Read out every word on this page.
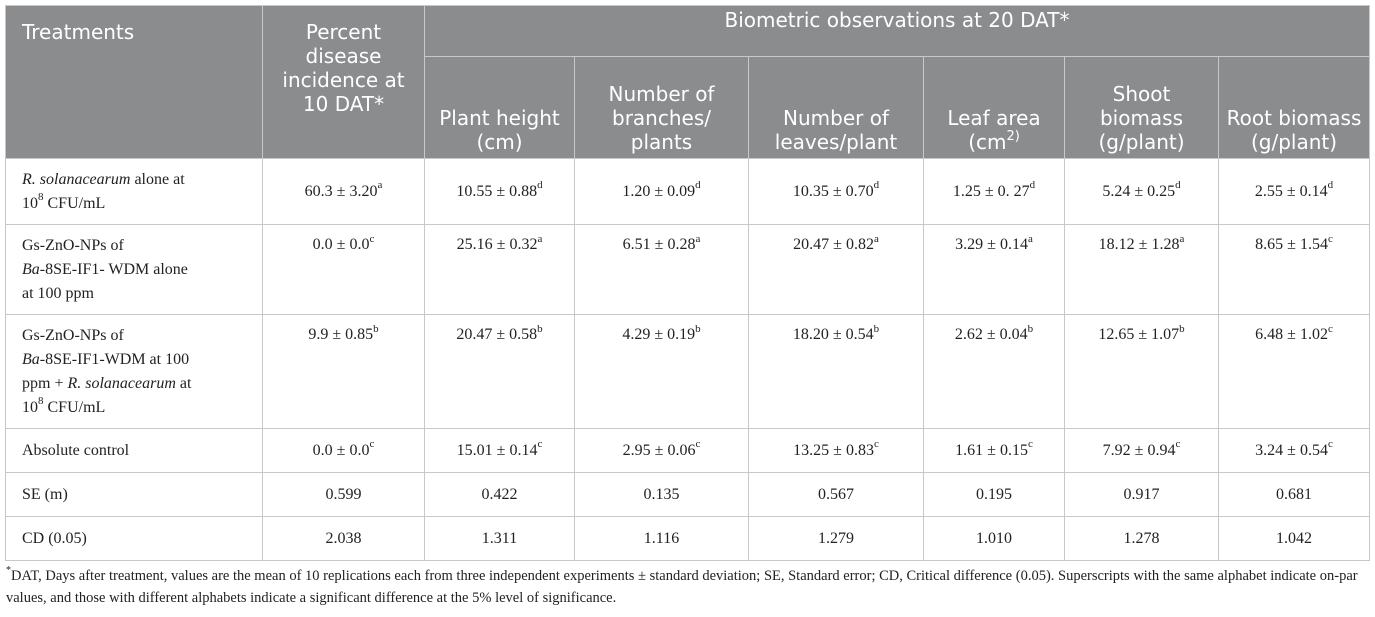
Treatments	Percent disease incidence at 10 DAT*	Biometric observations at 20 DAT*					
		Plant height (cm)	Number of branches/ plants	Number of leaves/plant	Leaf area ($cm^{2)}$	Shoot biomass (g/plant)	Root biomass (g/plant)
R. solanacearum alone at
$10^8$ CFU/mL	60.3 ± 3.20$^a$	10.55 ± 0.88$^d$	1.20 ± 0.09$^d$	10.35 ± 0.70$^d$	1.25 ± 0. 27$^d$	5.24 ± 0.25$^d$	2.55 ± 0.14$^d$
Gs-ZnO-NPs of
Ba-8SE-IF1- WDM alone
at 100 ppm	0.0 ± 0.0$^c$	25.16 ± 0.32$^a$	6.51 ± 0.28$^a$	20.47 ± 0.82$^a$	3.29 ± 0.14$^a$	18.12 ± 1.28$^a$	8.65 ± 1.54$^c$
Gs-ZnO-NPs of
Ba-8SE-IF1-WDM at 100
ppm + R. solanacearum at
$10^8$ CFU/mL	9.9 ± 0.85$^b$	20.47 ± 0.58$^b$	4.29 ± 0.19$^b$	18.20 ± 0.54$^b$	2.62 ± 0.04$^b$	12.65 ± 1.07$^b$	6.48 ± 1.02$^c$
Absolute control	0.0 ± 0.0$^c$	15.01 ± 0.14$^c$	2.95 ± 0.06$^c$	13.25 ± 0.83$^c$	1.61 ± 0.15$^c$	7.92 ± 0.94$^c$	3.24 ± 0.54$^c$
SE (m)	0.599	0.422	0.135	0.567	0.195	0.917	0.681
CD (0.05)	2.038	1.311	1.116	1.279	1.010	1.278	1.042
*DAT, Days after treatment, values are the mean of 10 replications each from three independent experiments ± standard deviation; SE, Standard error; CD, Critical difference (0.05). Superscripts with the same alphabet indicate on-par values, and those with different alphabets indicate a significant difference at the 5% level of significance.
